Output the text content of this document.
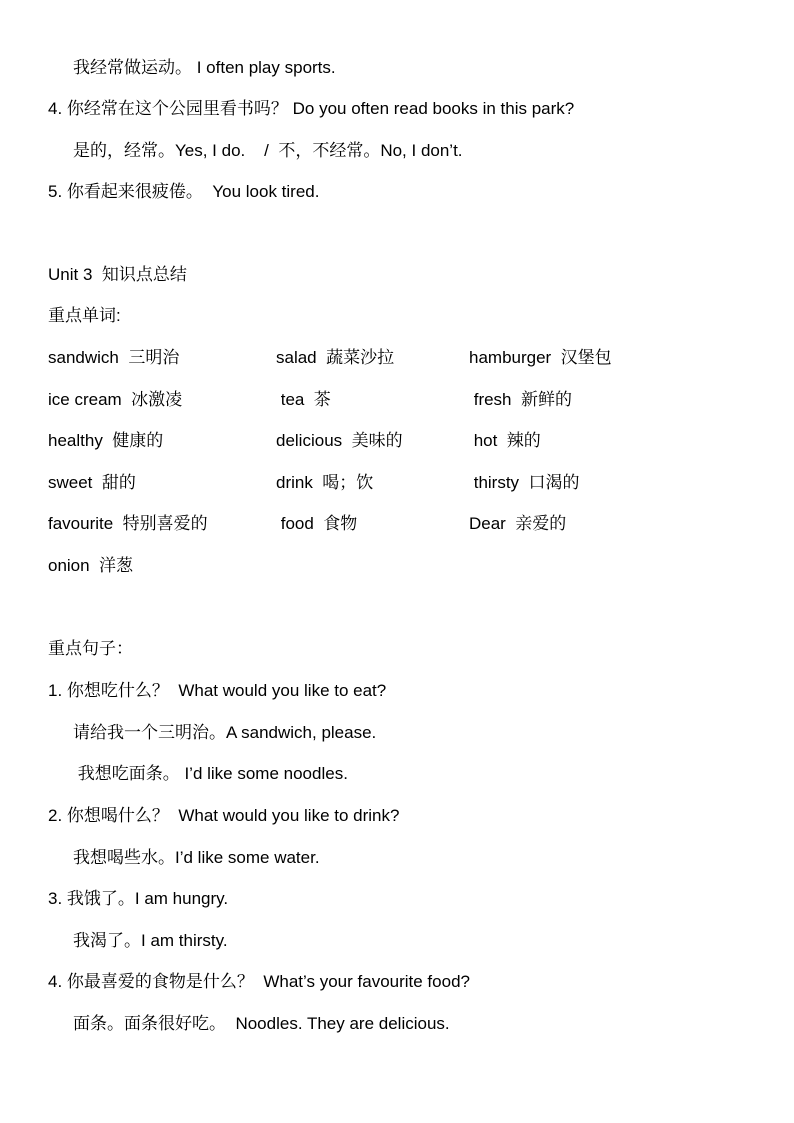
我经常做运动。 I often play sports.
4. 你经常在这个公园里看书吗？ Do you often read books in this park?
是的，经常。Yes, I do.    /  不，不经常。No, I don’t.
5. 你看起来很疲倦。  You look tired.
Unit 3  知识点总结
重点单词:
sandwich  三明治	salad  蔬菜沙拉	hamburger  汉堡包
ice cream  冰激凌	tea  茶	fresh  新鲜的
healthy  健康的	delicious  美味的	hot  辣的
sweet  甜的	drink  喝；饮	thirsty  口渴的
favourite  特别喜爱的	food  食物	Dear  亲爱的
onion  洋葱
重点句子：
1. 你想吃什么？  What would you like to eat?
请给我一个三明治。A sandwich, please.
我想吃面条。 I’d like some noodles.
2. 你想喝什么？  What would you like to drink?
我想喝些水。I’d like some water.
3. 我饿了。I am hungry.
我渴了。I am thirsty.
4. 你最喜爱的食物是什么？  What’s your favourite food?
面条。面条很好吃。  Noodles. They are delicious.
